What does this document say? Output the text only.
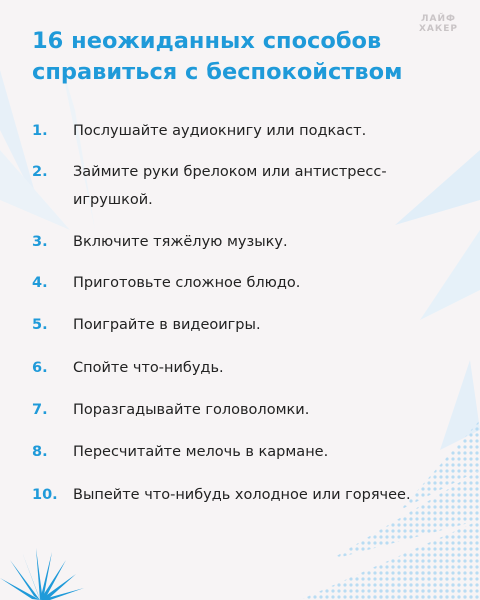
ЛАЙФ
ХАКЕР
16 неожиданных способов
справиться с беспокойством
1.	Послушайте аудиокнигу или подкаст.
2.	Займите руки брелоком или антистресс-
игрушкой.
3.	Включите тяжёлую музыку.
4.	Приготовьте сложное блюдо.
5.	Поиграйте в видеоигры.
6.	Спойте что-нибудь.
7.	Поразгадывайте головоломки.
8.	Пересчитайте мелочь в кармане.
10.	Выпейте что-нибудь холодное или горячее.
